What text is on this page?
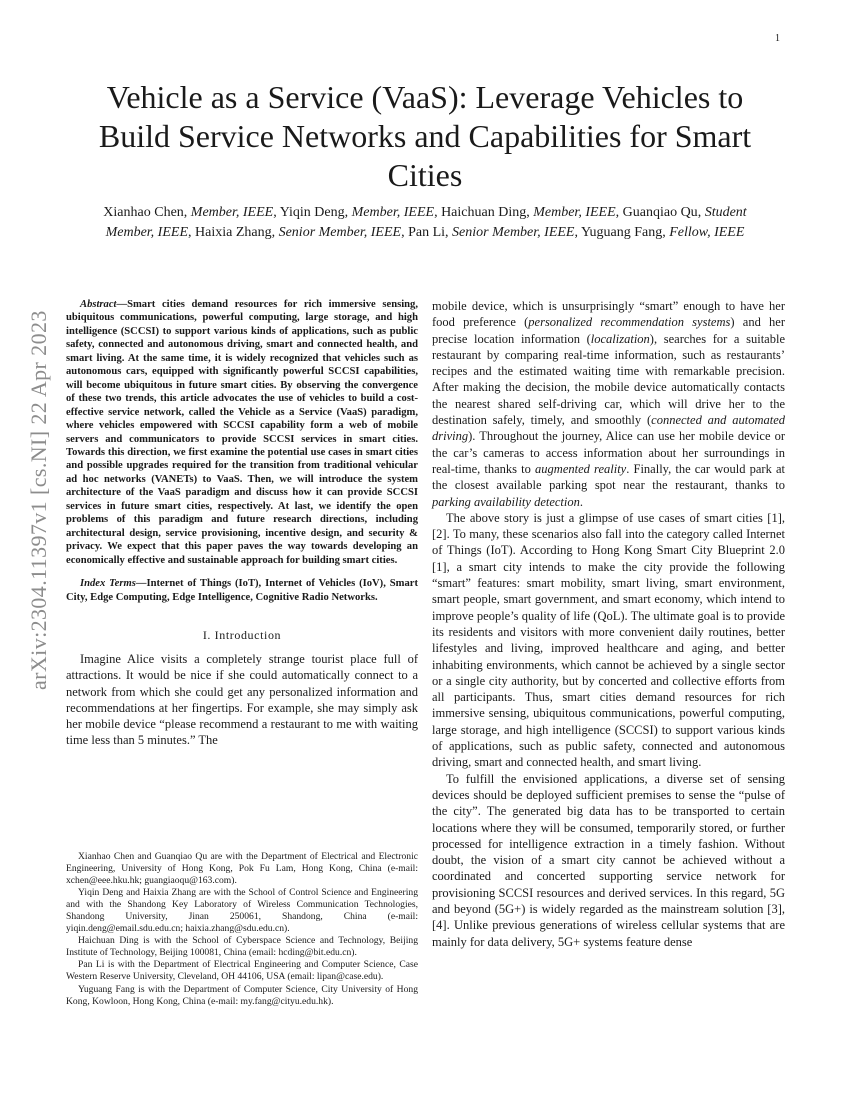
1
arXiv:2304.11397v1 [cs.NI] 22 Apr 2023
Vehicle as a Service (VaaS): Leverage Vehicles to Build Service Networks and Capabilities for Smart Cities
Xianhao Chen, Member, IEEE, Yiqin Deng, Member, IEEE, Haichuan Ding, Member, IEEE, Guanqiao Qu, Student Member, IEEE, Haixia Zhang, Senior Member, IEEE, Pan Li, Senior Member, IEEE, Yuguang Fang, Fellow, IEEE

Abstract—Smart cities demand resources for rich immersive sensing, ubiquitous communications, powerful computing, large storage, and high intelligence (SCCSI) to support various kinds of applications, such as public safety, connected and autonomous driving, smart and connected health, and smart living. At the same time, it is widely recognized that vehicles such as autonomous cars, equipped with significantly powerful SCCSI capabilities, will become ubiquitous in future smart cities. By observing the convergence of these two trends, this article advocates the use of vehicles to build a cost-effective service network, called the Vehicle as a Service (VaaS) paradigm, where vehicles empowered with SCCSI capability form a web of mobile servers and communicators to provide SCCSI services in smart cities. Towards this direction, we first examine the potential use cases in smart cities and possible upgrades required for the transition from traditional vehicular ad hoc networks (VANETs) to VaaS. Then, we will introduce the system architecture of the VaaS paradigm and discuss how it can provide SCCSI services in future smart cities, respectively. At last, we identify the open problems of this paradigm and future research directions, including architectural design, service provisioning, incentive design, and security & privacy. We expect that this paper paves the way towards developing an economically effective and sustainable approach for building smart cities.

Index Terms—Internet of Things (IoT), Internet of Vehicles (IoV), Smart City, Edge Computing, Edge Intelligence, Cognitive Radio Networks.

I. Introduction

Imagine Alice visits a completely strange tourist place full of attractions. It would be nice if she could automatically connect to a network from which she could get any personalized information and recommendations at her fingertips. For example, she may simply ask her mobile device “please recommend a restaurant to me with waiting time less than 5 minutes.” The

Xianhao Chen and Guanqiao Qu are with the Department of Electrical and Electronic Engineering, University of Hong Kong, Pok Fu Lam, Hong Kong, China (e-mail: xchen@eee.hku.hk; guangiaoqu@163.com).

Yiqin Deng and Haixia Zhang are with the School of Control Science and Engineering and with the Shandong Key Laboratory of Wireless Communication Technologies, Shandong University, Jinan 250061, Shandong, China (e-mail: yiqin.deng@email.sdu.edu.cn; haixia.zhang@sdu.edu.cn).

Haichuan Ding is with the School of Cyberspace Science and Technology, Beijing Institute of Technology, Beijing 100081, China (email: hcding@bit.edu.cn).

Pan Li is with the Department of Electrical Engineering and Computer Science, Case Western Reserve University, Cleveland, OH 44106, USA (email: lipan@case.edu).

Yuguang Fang is with the Department of Computer Science, City University of Hong Kong, Kowloon, Hong Kong, China (e-mail: my.fang@cityu.edu.hk).

mobile device, which is unsurprisingly “smart” enough to have her food preference (personalized recommendation systems) and her precise location information (localization), searches for a suitable restaurant by comparing real-time information, such as restaurants’ recipes and the estimated waiting time with remarkable precision. After making the decision, the mobile device automatically contacts the nearest shared self-driving car, which will drive her to the destination safely, timely, and smoothly (connected and automated driving). Throughout the journey, Alice can use her mobile device or the car’s cameras to access information about her surroundings in real-time, thanks to augmented reality. Finally, the car would park at the closest available parking spot near the restaurant, thanks to parking availability detection.

The above story is just a glimpse of use cases of smart cities [1], [2]. To many, these scenarios also fall into the category called Internet of Things (IoT). According to Hong Kong Smart City Blueprint 2.0 [1], a smart city intends to make the city provide the following “smart” features: smart mobility, smart living, smart environment, smart people, smart government, and smart economy, which intend to improve people’s quality of life (QoL). The ultimate goal is to provide its residents and visitors with more convenient daily routines, better lifestyles and living, improved healthcare and aging, and better inhabiting environments, which cannot be achieved by a single sector or a single city authority, but by concerted and collective efforts from all participants. Thus, smart cities demand resources for rich immersive sensing, ubiquitous communications, powerful computing, large storage, and high intelligence (SCCSI) to support various kinds of applications, such as public safety, connected and autonomous driving, smart and connected health, and smart living.

To fulfill the envisioned applications, a diverse set of sensing devices should be deployed sufficient premises to sense the “pulse of the city”. The generated big data has to be transported to certain locations where they will be consumed, temporarily stored, or further processed for intelligence extraction in a timely fashion. Without doubt, the vision of a smart city cannot be achieved without a coordinated and concerted supporting service network for provisioning SCCSI resources and derived services. In this regard, 5G and beyond (5G+) is widely regarded as the mainstream solution [3], [4]. Unlike previous generations of wireless cellular systems that are mainly for data delivery, 5G+ systems feature dense
